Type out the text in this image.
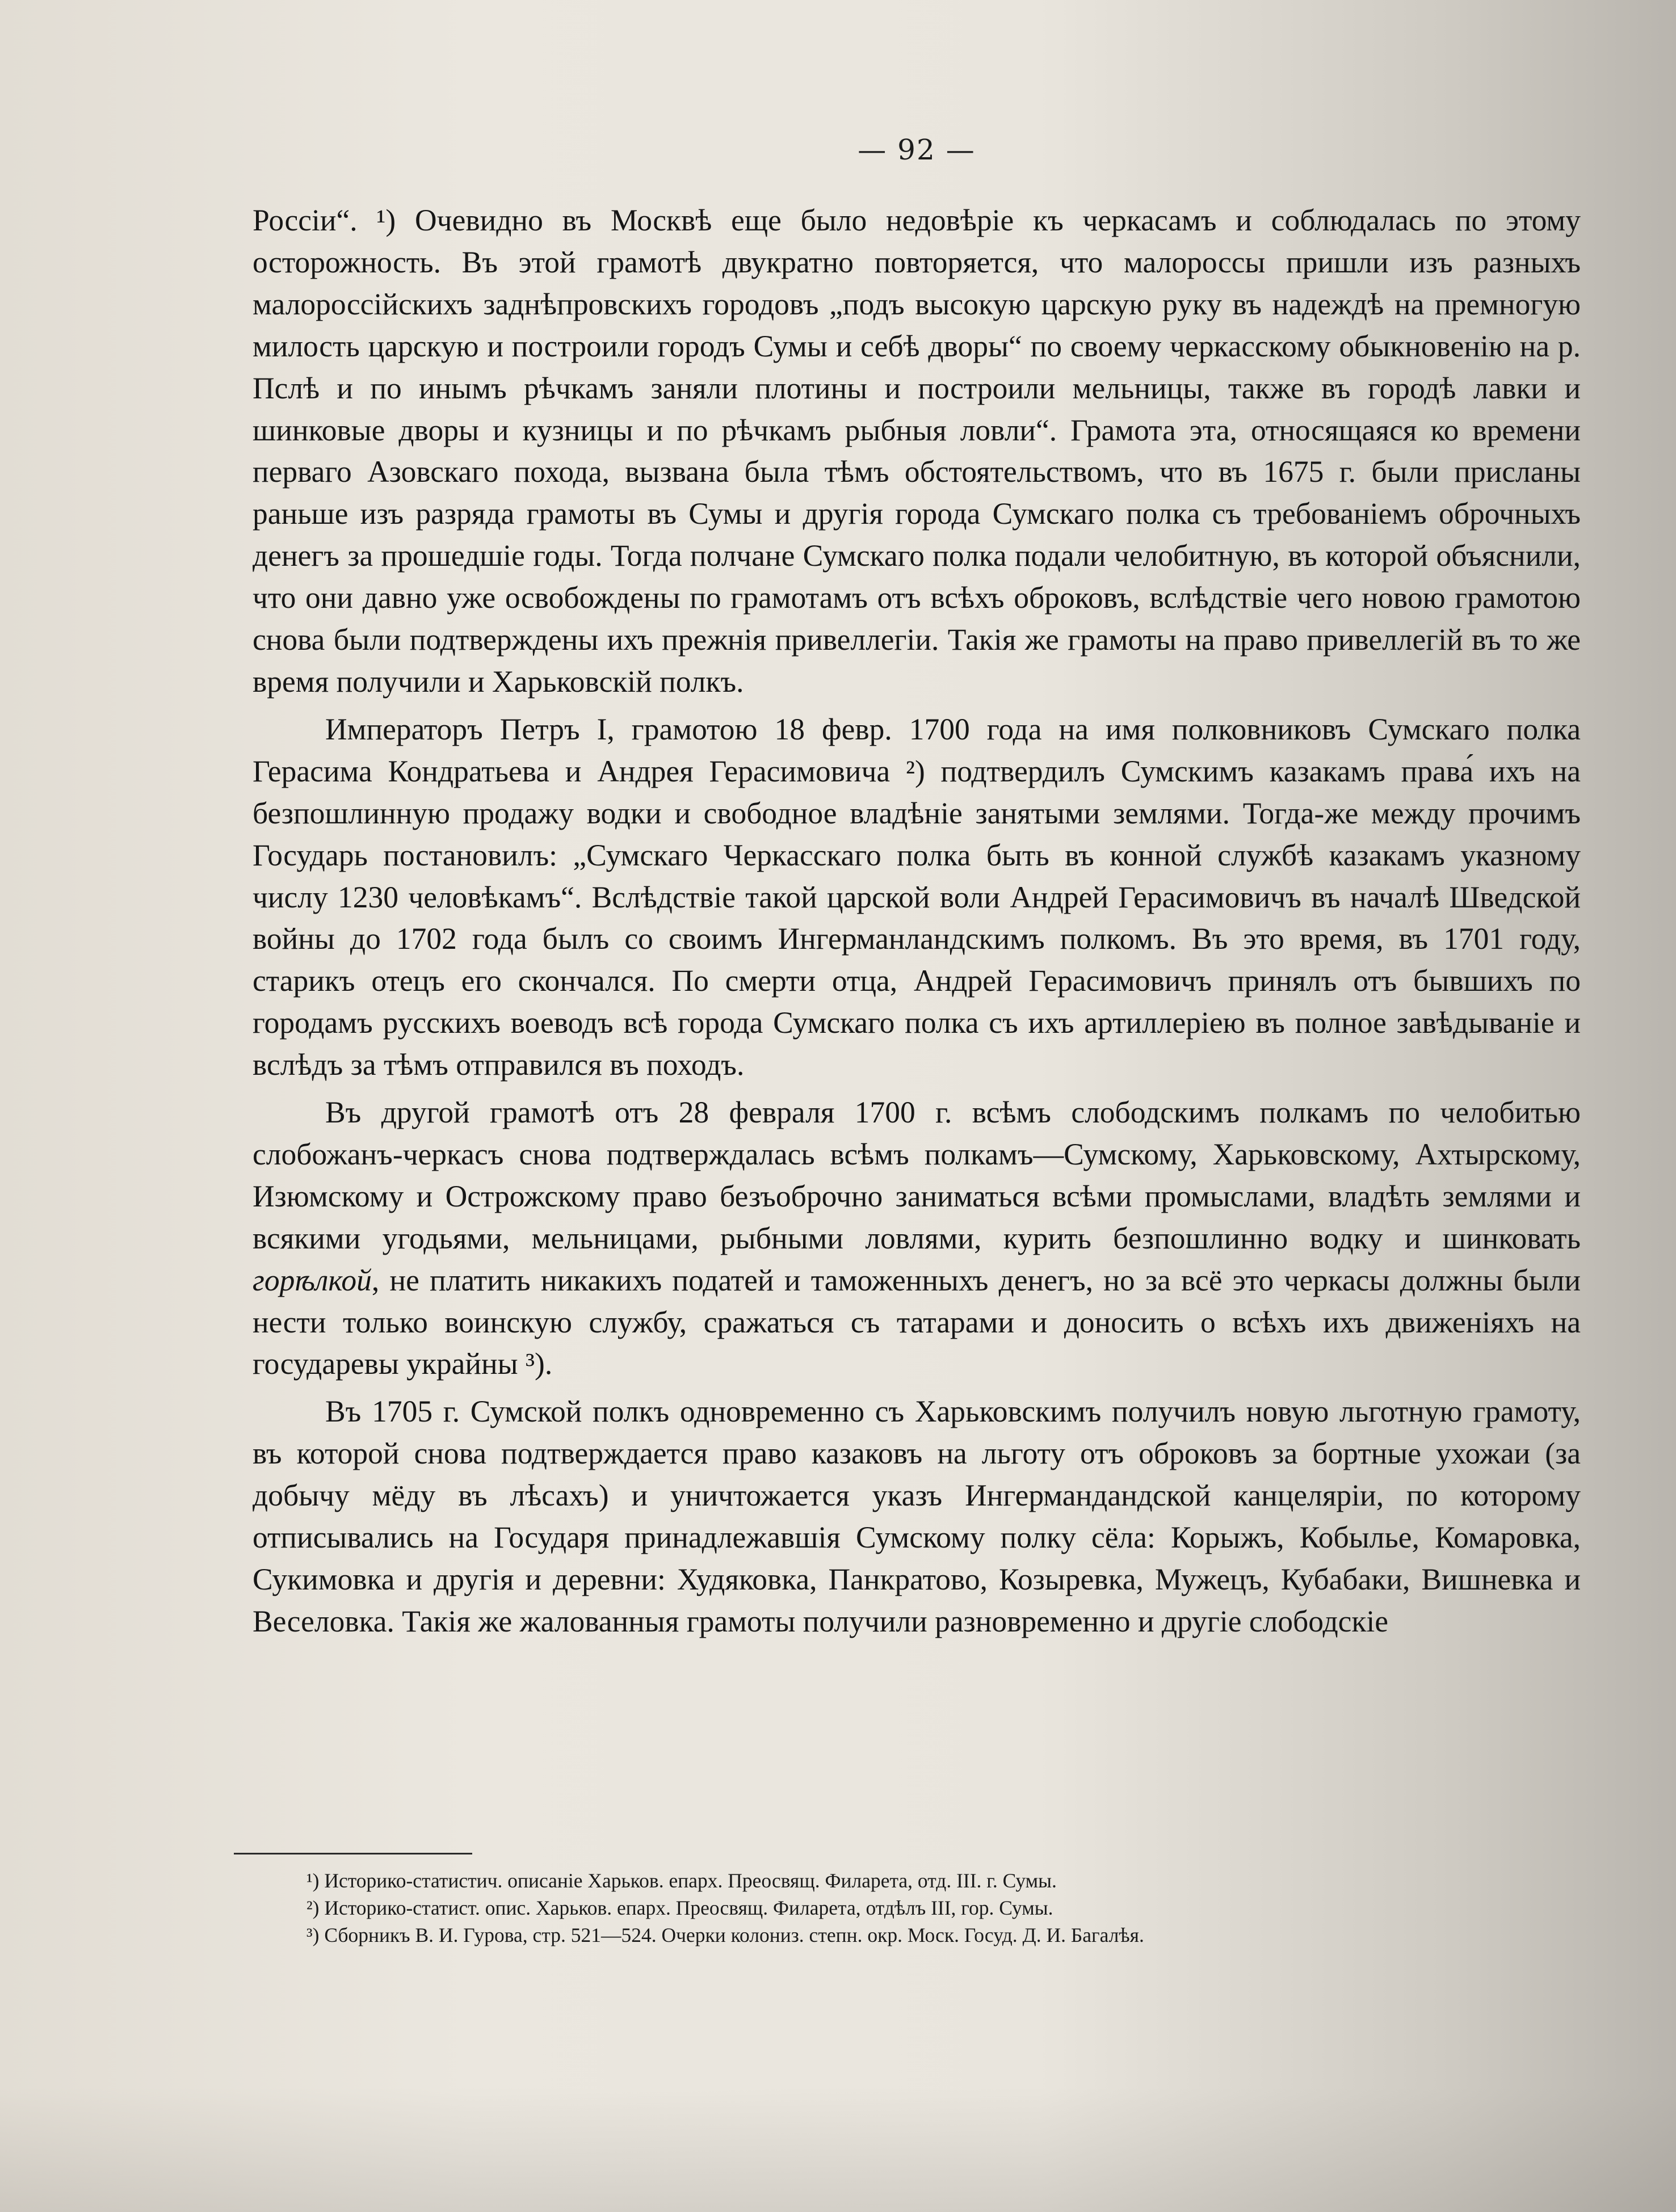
— 92 —

Россiи“. ¹) Очевидно въ Москвѣ еще было недовѣрiе къ черкасамъ и соблюдалась по этому осторожность. Въ этой грамотѣ двукратно повторяется, что малороссы пришли изъ разныхъ малороссiйскихъ заднѣпровскихъ городовъ „подъ высокую царскую руку въ надеждѣ на премногую милость царскую и построили городъ Сумы и себѣ дворы“ по своему черкасскому обыкновенiю на р. Пслѣ и по инымъ рѣчкамъ заняли плотины и построили мельницы, также въ городѣ лавки и шинковые дворы и кузницы и по рѣчкамъ рыбныя ловли“. Грамота эта, относящаяся ко времени перваго Азовскаго похода, вызвана была тѣмъ обстоятельствомъ, что въ 1675 г. были присланы раньше изъ разряда грамоты въ Сумы и другiя города Сумскаго полка съ требованiемъ оброчныхъ денегъ за прошедшiе годы. Тогда полчане Сумскаго полка подали челобитную, въ которой объяснили, что они давно уже освобождены по грамотамъ отъ всѣхъ оброковъ, вслѣдствiе чего новою грамотою снова были подтверждены ихъ прежнiя привеллегiи. Такiя же грамоты на право привеллегiй въ то же время получили и Харьковскiй полкъ.

Императоръ Петръ I, грамотою 18 февр. 1700 года на имя полковниковъ Сумскаго полка Герасима Кондратьева и Андрея Герасимовича ²) подтвердилъ Сумскимъ казакамъ права́ ихъ на безпошлинную продажу водки и свободное владѣнiе занятыми землями. Тогда-же между прочимъ Государь постановилъ: „Сумскаго Черкасскаго полка быть въ конной службѣ казакамъ указному числу 1230 человѣкамъ“. Вслѣдствiе такой царской воли Андрей Герасимовичъ въ началѣ Шведской войны до 1702 года былъ со своимъ Ингерманландскимъ полкомъ. Въ это время, въ 1701 году, старикъ отецъ его скончался. По смерти отца, Андрей Герасимовичъ принялъ отъ бывшихъ по городамъ русскихъ воеводъ всѣ города Сумскаго полка съ ихъ артиллерiею въ полное завѣдыванiе и вслѣдъ за тѣмъ отправился въ походъ.

Въ другой грамотѣ отъ 28 февраля 1700 г. всѣмъ слободскимъ полкамъ по челобитью слобожанъ-черкасъ снова подтверждалась всѣмъ полкамъ—Сумскому, Харьковскому, Ахтырскому, Изюмскому и Острожскому право безъоброчно заниматься всѣми промыслами, владѣть землями и всякими угодьями, мельницами, рыбными ловлями, курить безпошлинно водку и шинковать горѣлкой, не платить никакихъ податей и таможенныхъ денегъ, но за всё это черкасы должны были нести только воинскую службу, сражаться съ татарами и доносить о всѣхъ ихъ движенiяхъ на государевы украйны ³).

Въ 1705 г. Сумской полкъ одновременно съ Харьковскимъ получилъ новую льготную грамоту, въ которой снова подтверждается право казаковъ на льготу отъ оброковъ за бортные ухожаи (за добычу мёду въ лѣсахъ) и уничтожается указъ Ингермандандской канцелярiи, по которому отписывались на Государя принадлежавшiя Сумскому полку сёла: Корыжъ, Кобылье, Комаровка, Сукимовка и другiя и деревни: Худяковка, Панкратово, Козыревка, Мужецъ, Кубабаки, Вишневка и Веселовка. Такiя же жалованныя грамоты получили разновременно и другiе слободскiе

¹) Историко-статистич. описанiе Харьков. епарх. Преосвящ. Филарета, отд. III. г. Сумы.

²) Историко-статист. опис. Харьков. епарх. Преосвящ. Филарета, отдѣлъ III, гор. Сумы.

³) Сборникъ В. И. Гурова, стр. 521—524. Очерки колониз. степн. окр. Моск. Госуд. Д. И. Багалѣя.
